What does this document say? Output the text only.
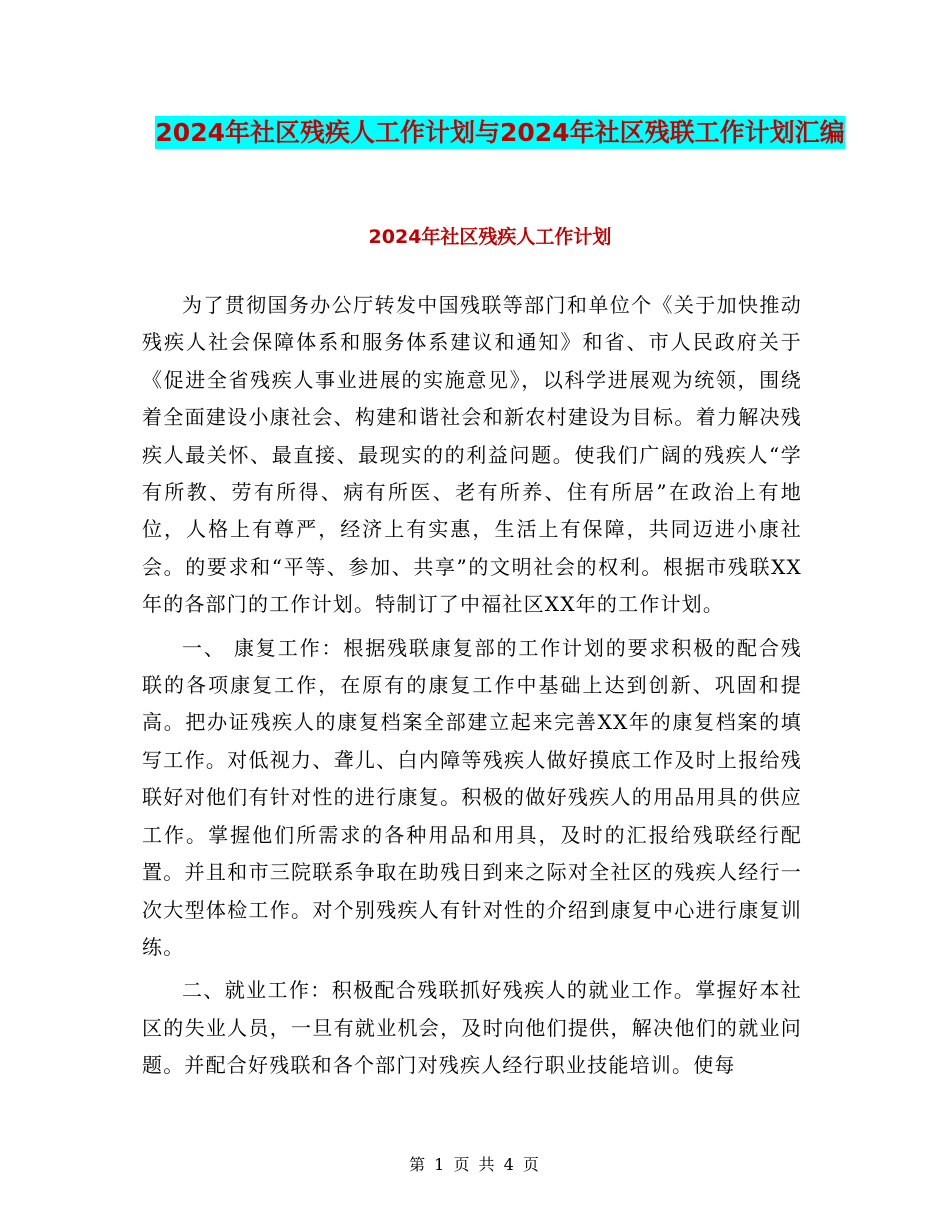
2024年社区残疾人工作计划与2024年社区残联工作计划汇编
2024年社区残疾人工作计划

为了贯彻国务办公厅转发中国残联等部门和单位个《关于加快推动残疾人社会保障体系和服务体系建议和通知》和省、市人民政府关于《促进全省残疾人事业进展的实施意见》，以科学进展观为统领，围绕着全面建设小康社会、构建和谐社会和新农村建设为目标。着力解决残疾人最关怀、最直接、最现实的的利益问题。使我们广阔的残疾人“学有所教、劳有所得、病有所医、老有所养、住有所居”在政治上有地位，人格上有尊严，经济上有实惠，生活上有保障，共同迈进小康社会。的要求和“平等、参加、共享”的文明社会的权利。根据市残联XX年的各部门的工作计划。特制订了中福社区XX年的工作计划。

一、 康复工作：根据残联康复部的工作计划的要求积极的配合残联的各项康复工作，在原有的康复工作中基础上达到创新、巩固和提高。把办证残疾人的康复档案全部建立起来完善XX年的康复档案的填写工作。对低视力、聋儿、白内障等残疾人做好摸底工作及时上报给残联好对他们有针对性的进行康复。积极的做好残疾人的用品用具的供应工作。掌握他们所需求的各种用品和用具，及时的汇报给残联经行配置。并且和市三院联系争取在助残日到来之际对全社区的残疾人经行一次大型体检工作。对个别残疾人有针对性的介绍到康复中心进行康复训练。

二、就业工作：积极配合残联抓好残疾人的就业工作。掌握好本社区的失业人员，一旦有就业机会，及时向他们提供，解决他们的就业问题。并配合好残联和各个部门对残疾人经行职业技能培训。使每

第 1 页 共 4 页
